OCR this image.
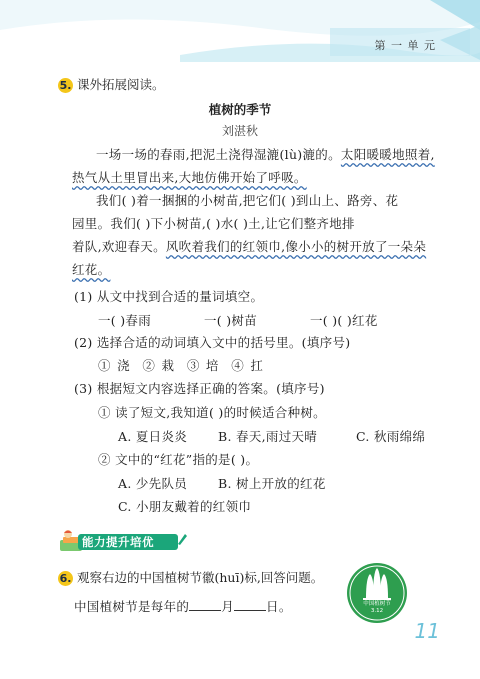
第 一 单 元
5. 课外拓展阅读。
植树的季节
刘湛秋
一场一场的春雨,把泥土浇得湿漉(lù)漉的。太阳暖暖地照着,
热气从土里冒出来,大地仿佛开始了呼吸。
我们( )着一捆捆的小树苗,把它们( )到山上、路旁、花
园里。我们( )下小树苗,( )水( )土,让它们整齐地排
着队,欢迎春天。风吹着我们的红领巾,像小小的树开放了一朵朵
红花。
(1) 从文中找到合适的量词填空。
一( )春雨	一( )树苗	一( )( )红花
(2) 选择合适的动词填入文中的括号里。(填序号)
① 浇 ② 栽 ③ 培 ④ 扛
(3) 根据短文内容选择正确的答案。(填序号)
① 读了短文,我知道( )的时候适合种树。
A. 夏日炎炎 B. 春天,雨过天晴	C. 秋雨绵绵
② 文中的“红花”指的是( )。
A. 少先队员 B. 树上开放的红花
C. 小朋友戴着的红领巾
能力提升培优
6. 观察右边的中国植树节徽(huī)标,回答问题。
中国植树节是每年的	月	日。	中国植树节
3.12
11
